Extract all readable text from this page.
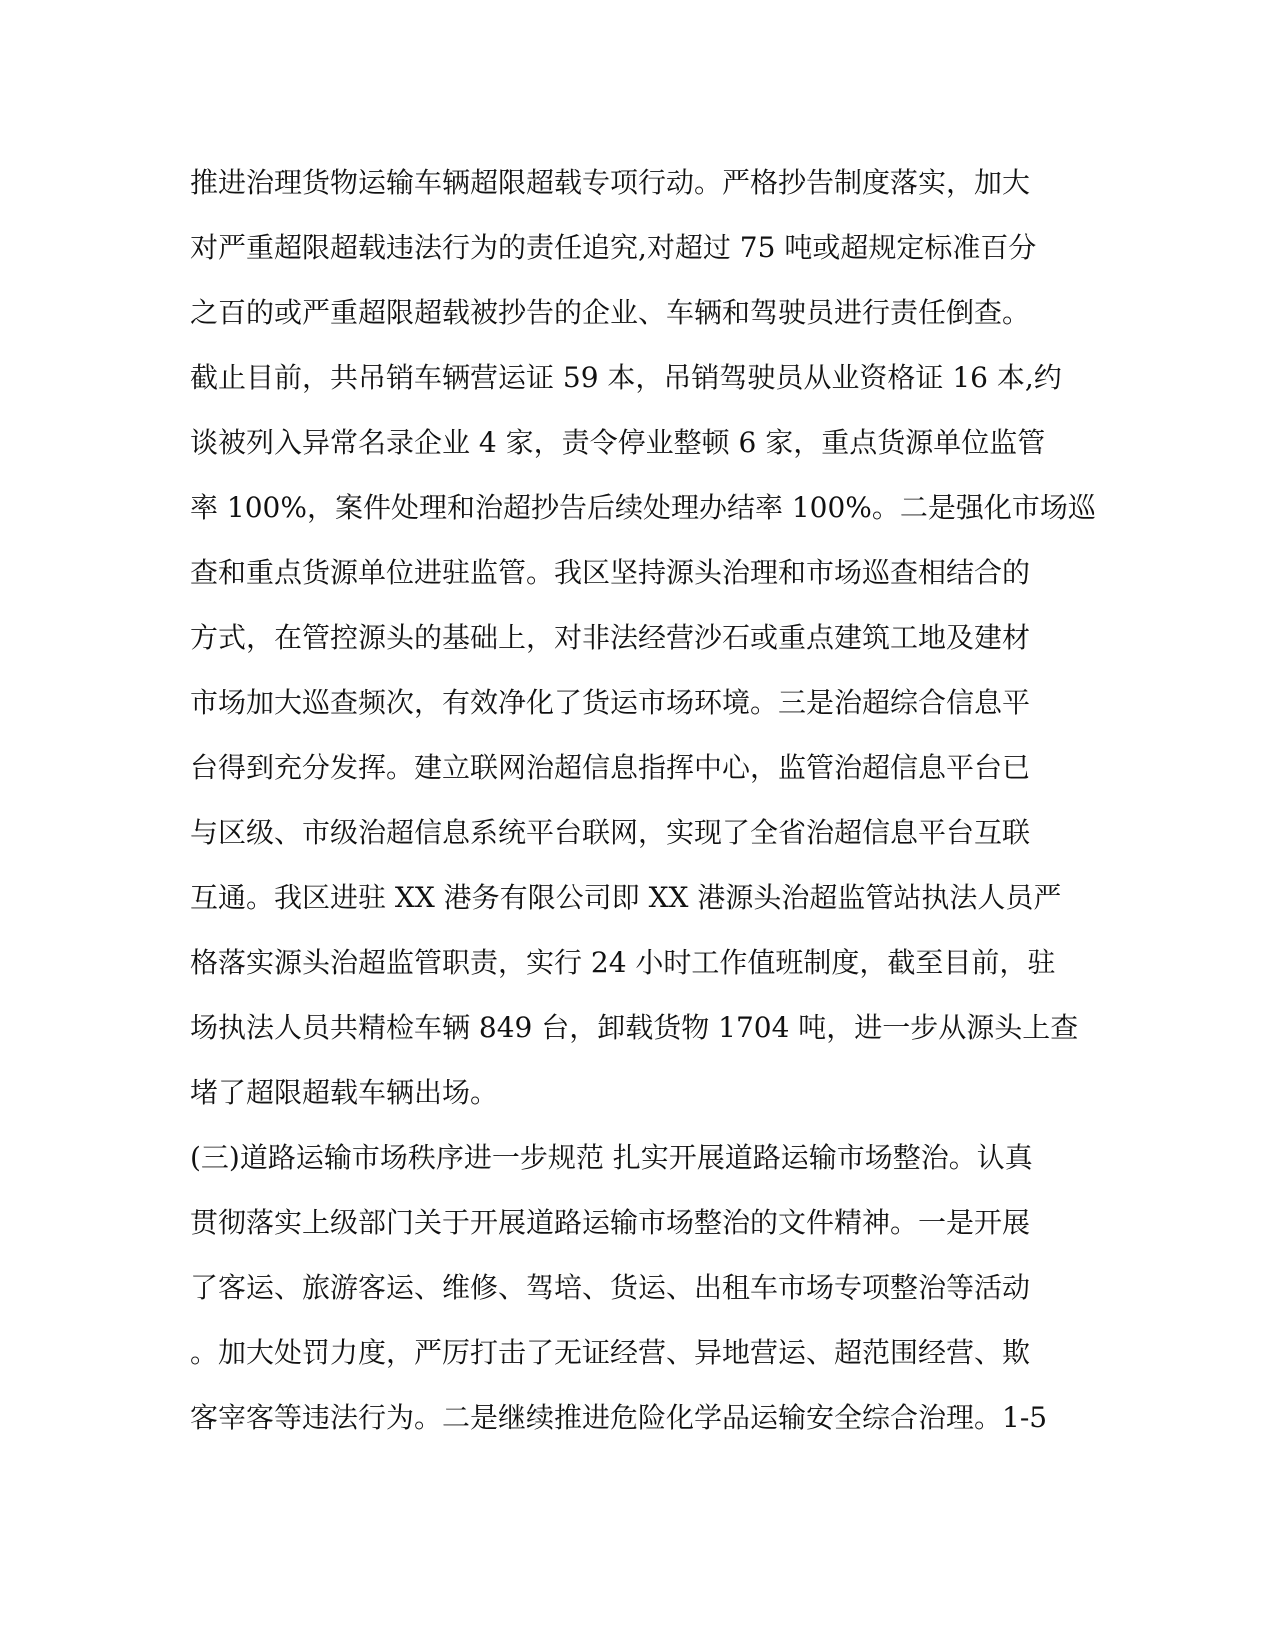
推进治理货物运输车辆超限超载专项行动。严格抄告制度落实，加大
对严重超限超载违法行为的责任追究,对超过 75 吨或超规定标准百分
之百的或严重超限超载被抄告的企业、车辆和驾驶员进行责任倒查。
截止目前，共吊销车辆营运证 59 本，吊销驾驶员从业资格证 16 本,约
谈被列入异常名录企业 4 家，责令停业整顿 6 家，重点货源单位监管
率 100%，案件处理和治超抄告后续处理办结率 100%。二是强化市场巡
查和重点货源单位进驻监管。我区坚持源头治理和市场巡查相结合的
方式，在管控源头的基础上，对非法经营沙石或重点建筑工地及建材
市场加大巡查频次，有效净化了货运市场环境。三是治超综合信息平
台得到充分发挥。建立联网治超信息指挥中心，监管治超信息平台已
与区级、市级治超信息系统平台联网，实现了全省治超信息平台互联
互通。我区进驻 XX 港务有限公司即 XX 港源头治超监管站执法人员严
格落实源头治超监管职责，实行 24 小时工作值班制度，截至目前，驻
场执法人员共精检车辆 849 台，卸载货物 1704 吨，进一步从源头上查
堵了超限超载车辆出场。
(三)道路运输市场秩序进一步规范 扎实开展道路运输市场整治。认真
贯彻落实上级部门关于开展道路运输市场整治的文件精神。一是开展
了客运、旅游客运、维修、驾培、货运、出租车市场专项整治等活动
。加大处罚力度，严厉打击了无证经营、异地营运、超范围经营、欺
客宰客等违法行为。二是继续推进危险化学品运输安全综合治理。1-5
